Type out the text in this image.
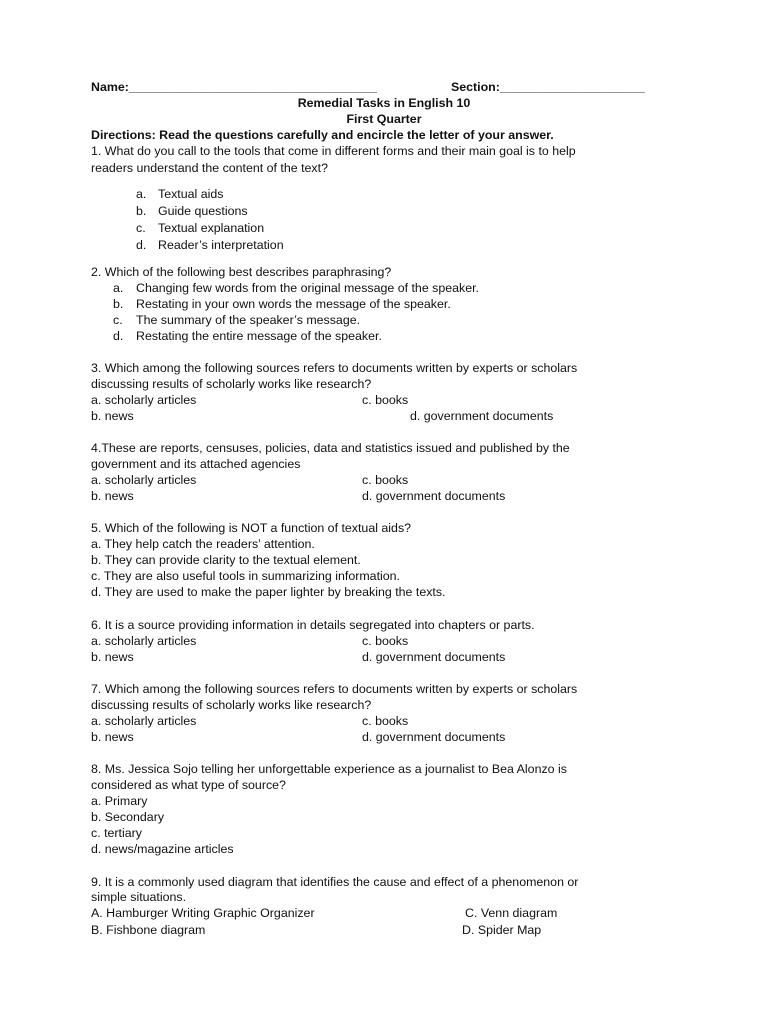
Name:____________________________________	Section:_____________________
Remedial Tasks in English 10
First Quarter
Directions: Read the questions carefully and encircle the letter of your answer.
1. What do you call to the tools that come in different forms and their main goal is to help
readers understand the content of the text?
a. Textual aids
b. Guide questions
c. Textual explanation
d. Reader’s interpretation
2. Which of the following best describes paraphrasing?
a. Changing few words from the original message of the speaker.
b. Restating in your own words the message of the speaker.
c. The summary of the speaker’s message.
d. Restating the entire message of the speaker.
3. Which among the following sources refers to documents written by experts or scholars
discussing results of scholarly works like research?
a. scholarly articles	c. books
b. news	d. government documents
4.These are reports, censuses, policies, data and statistics issued and published by the
government and its attached agencies
a. scholarly articles	c. books
b. news	d. government documents
5. Which of the following is NOT a function of textual aids?
a. They help catch the readers’ attention.
b. They can provide clarity to the textual element.
c. They are also useful tools in summarizing information.
d. They are used to make the paper lighter by breaking the texts.
6. It is a source providing information in details segregated into chapters or parts.
a. scholarly articles	c. books
b. news	d. government documents
7. Which among the following sources refers to documents written by experts or scholars
discussing results of scholarly works like research?
a. scholarly articles	c. books
b. news	d. government documents
8. Ms. Jessica Sojo telling her unforgettable experience as a journalist to Bea Alonzo is
considered as what type of source?
a. Primary
b. Secondary
c. tertiary
d. news/magazine articles
9. It is a commonly used diagram that identifies the cause and effect of a phenomenon or
simple situations.
A. Hamburger Writing Graphic Organizer	C. Venn diagram
B. Fishbone diagram	D. Spider Map
